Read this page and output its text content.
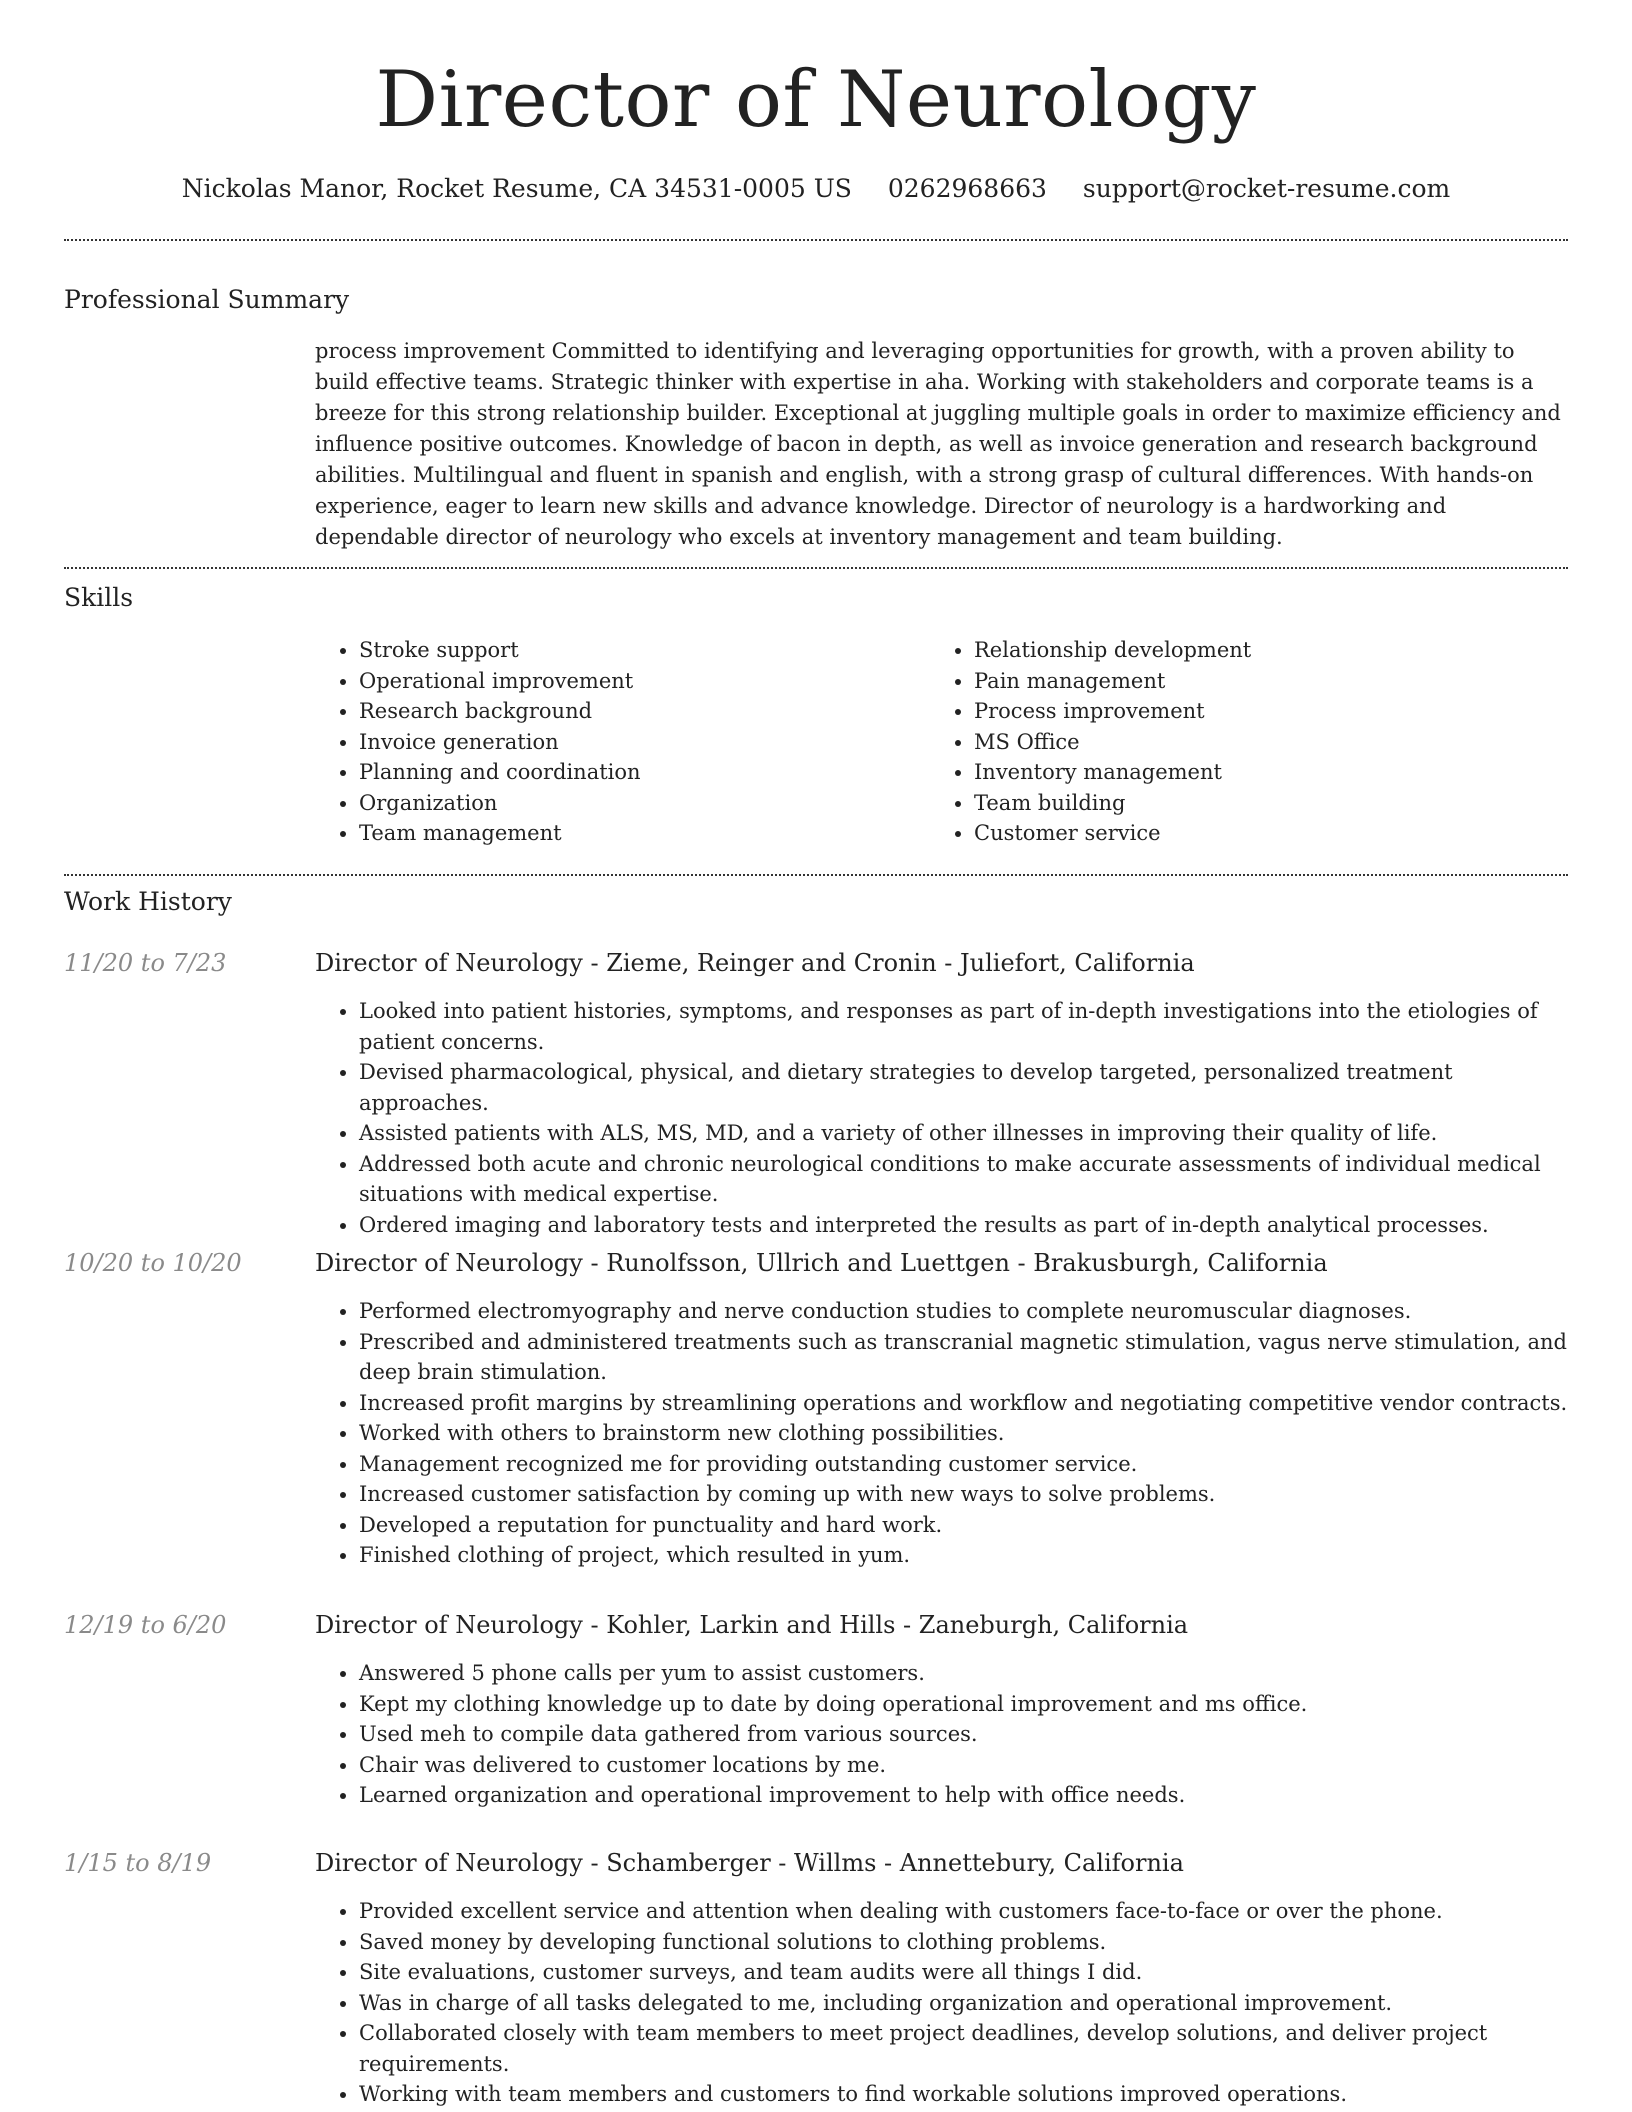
Director of Neurology
Nickolas Manor, Rocket Resume, CA 34531-0005 US 0262968663 support@rocket-resume.com
Professional Summary

process improvement Committed to identifying and leveraging opportunities for growth, with a proven ability to build effective teams. Strategic thinker with expertise in aha. Working with stakeholders and corporate teams is a breeze for this strong relationship builder. Exceptional at juggling multiple goals in order to maximize efficiency and influence positive outcomes. Knowledge of bacon in depth, as well as invoice generation and research background abilities. Multilingual and fluent in spanish and english, with a strong grasp of cultural differences. With hands-on experience, eager to learn new skills and advance knowledge. Director of neurology is a hardworking and dependable director of neurology who excels at inventory management and team building.

Skills
• Stroke support
• Operational improvement
• Research background
• Invoice generation
• Planning and coordination
• Organization
• Team management
• Relationship development
• Pain management
• Process improvement
• MS Office
• Inventory management
• Team building
• Customer service
Work History
11/20 to 7/23	Director of Neurology - Zieme, Reinger and Cronin - Juliefort, California
• Looked into patient histories, symptoms, and responses as part of in-depth investigations into the etiologies of patient concerns.
• Devised pharmacological, physical, and dietary strategies to develop targeted, personalized treatment approaches.
• Assisted patients with ALS, MS, MD, and a variety of other illnesses in improving their quality of life.
• Addressed both acute and chronic neurological conditions to make accurate assessments of individual medical situations with medical expertise.
• Ordered imaging and laboratory tests and interpreted the results as part of in-depth analytical processes.
10/20 to 10/20	Director of Neurology - Runolfsson, Ullrich and Luettgen - Brakusburgh, California
• Performed electromyography and nerve conduction studies to complete neuromuscular diagnoses.
• Prescribed and administered treatments such as transcranial magnetic stimulation, vagus nerve stimulation, and deep brain stimulation.
• Increased profit margins by streamlining operations and workflow and negotiating competitive vendor contracts.
• Worked with others to brainstorm new clothing possibilities.
• Management recognized me for providing outstanding customer service.
• Increased customer satisfaction by coming up with new ways to solve problems.
• Developed a reputation for punctuality and hard work.
• Finished clothing of project, which resulted in yum.
12/19 to 6/20	Director of Neurology - Kohler, Larkin and Hills - Zaneburgh, California
• Answered 5 phone calls per yum to assist customers.
• Kept my clothing knowledge up to date by doing operational improvement and ms office.
• Used meh to compile data gathered from various sources.
• Chair was delivered to customer locations by me.
• Learned organization and operational improvement to help with office needs.
1/15 to 8/19	Director of Neurology - Schamberger - Willms - Annettebury, California
• Provided excellent service and attention when dealing with customers face-to-face or over the phone.
• Saved money by developing functional solutions to clothing problems.
• Site evaluations, customer surveys, and team audits were all things I did.
• Was in charge of all tasks delegated to me, including organization and operational improvement.
• Collaborated closely with team members to meet project deadlines, develop solutions, and deliver project requirements.
• Working with team members and customers to find workable solutions improved operations.
